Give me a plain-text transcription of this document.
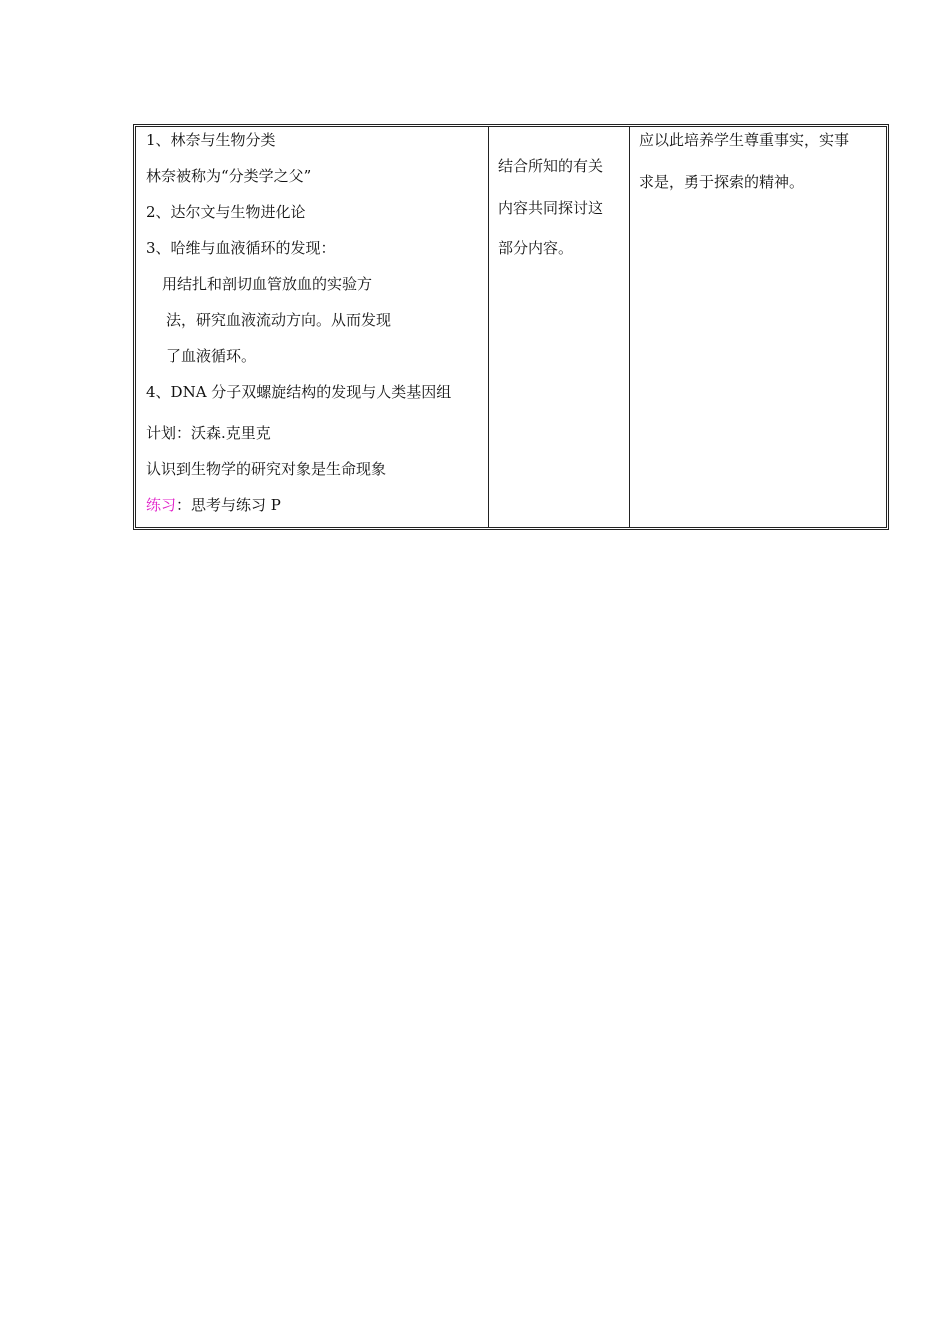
1、林奈与生物分类
林奈被称为“分类学之父”
2、达尔文与生物进化论
3、哈维与血液循环的发现：
用结扎和剖切血管放血的实验方
法，研究血液流动方向。从而发现
了血液循环。
4、DNA 分子双螺旋结构的发现与人类基因组
计划：沃森.克里克
认识到生物学的研究对象是生命现象
练习：思考与练习 P
结合所知的有关
内容共同探讨这
部分内容。
应以此培养学生尊重事实，实事
求是，勇于探索的精神。
